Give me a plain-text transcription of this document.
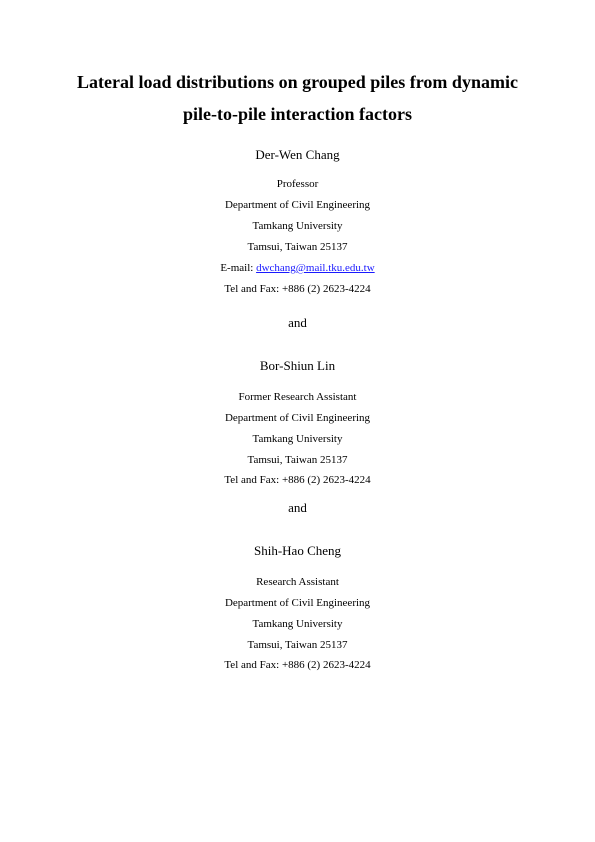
Lateral load distributions on grouped piles from dynamic
pile-to-pile interaction factors
Der-Wen Chang
Professor
Department of Civil Engineering
Tamkang University
Tamsui, Taiwan 25137
E-mail: dwchang@mail.tku.edu.tw
Tel and Fax: +886 (2) 2623-4224
and
Bor-Shiun Lin
Former Research Assistant
Department of Civil Engineering
Tamkang University
Tamsui, Taiwan 25137
Tel and Fax: +886 (2) 2623-4224
and
Shih-Hao Cheng
Research Assistant
Department of Civil Engineering
Tamkang University
Tamsui, Taiwan 25137
Tel and Fax: +886 (2) 2623-4224
